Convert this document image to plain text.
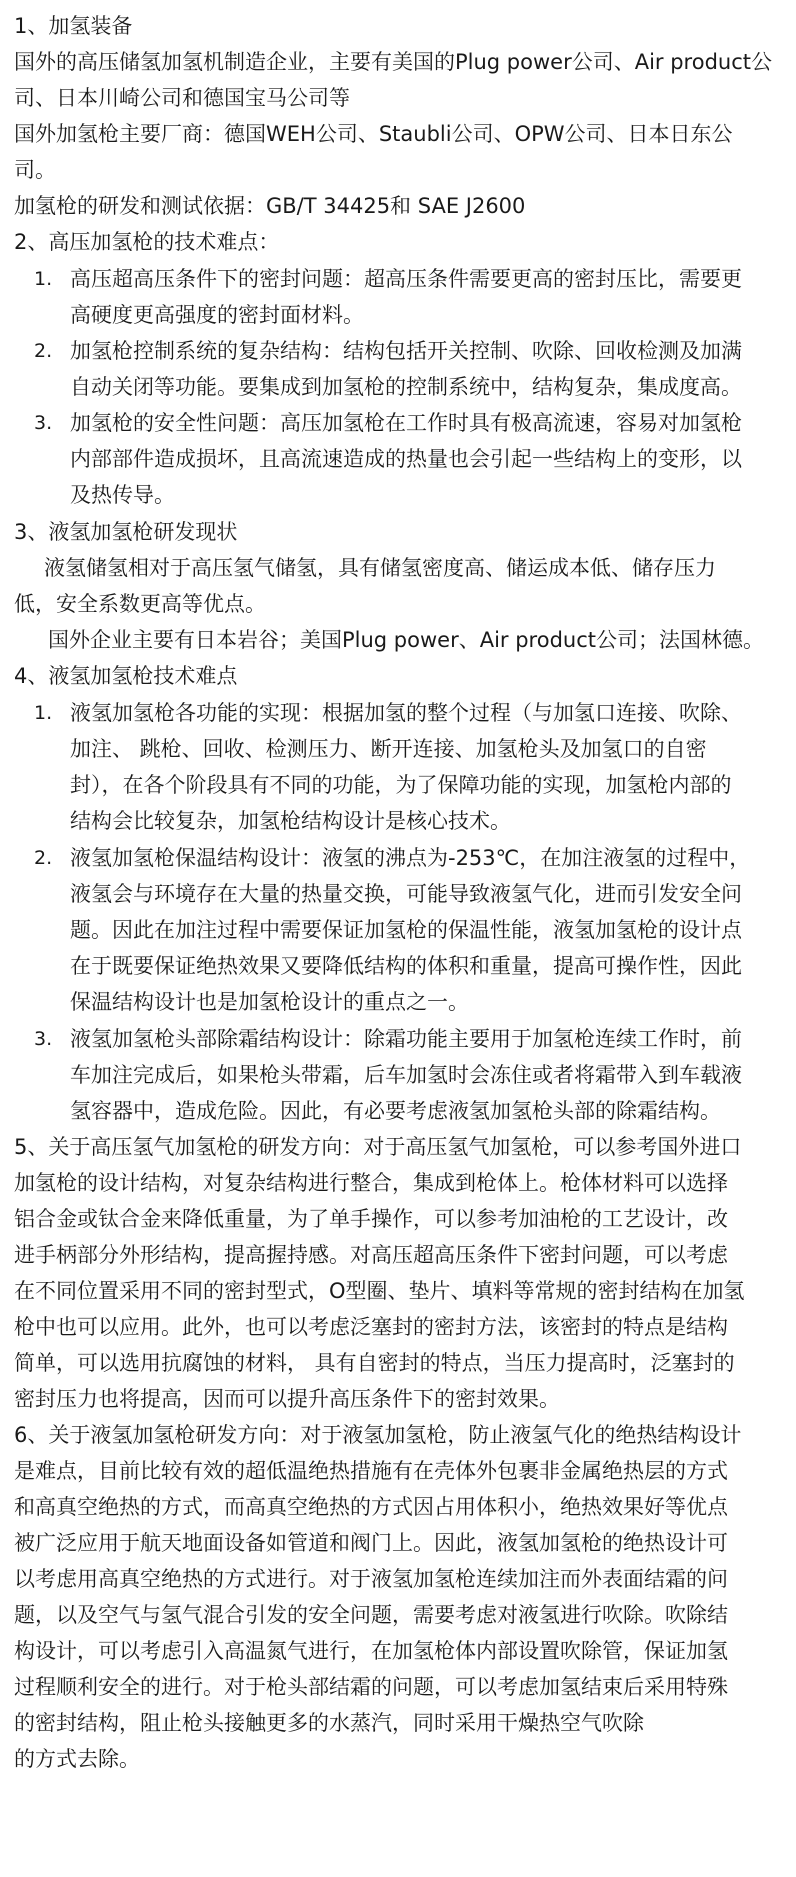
1、加氢装备
国外的高压储氢加氢机制造企业，主要有美国的Plug power公司、Air product公
司、日本川崎公司和德国宝马公司等
国外加氢枪主要厂商：德国WEH公司、Staubli公司、OPW公司、日本日东公
司。
加氢枪的研发和测试依据：GB/T 34425和 SAE J2600
2、高压加氢枪的技术难点：
1. 高压超高压条件下的密封问题：超高压条件需要更高的密封压比，需要更
高硬度更高强度的密封面材料。
2. 加氢枪控制系统的复杂结构：结构包括开关控制、吹除、回收检测及加满
自动关闭等功能。要集成到加氢枪的控制系统中，结构复杂，集成度高。
3. 加氢枪的安全性问题：高压加氢枪在工作时具有极高流速，容易对加氢枪
内部部件造成损坏，且高流速造成的热量也会引起一些结构上的变形，以
及热传导。
3、液氢加氢枪研发现状
液氢储氢相对于高压氢气储氢，具有储氢密度高、储运成本低、储存压力
低，安全系数更高等优点。
国外企业主要有日本岩谷；美国Plug power、Air product公司；法国林德。
4、液氢加氢枪技术难点
1. 液氢加氢枪各功能的实现：根据加氢的整个过程（与加氢口连接、吹除、
加注、 跳枪、回收、检测压力、断开连接、加氢枪头及加氢口的自密
封），在各个阶段具有不同的功能，为了保障功能的实现，加氢枪内部的
结构会比较复杂，加氢枪结构设计是核心技术。
2. 液氢加氢枪保温结构设计：液氢的沸点为-253℃，在加注液氢的过程中，
液氢会与环境存在大量的热量交换，可能导致液氢气化，进而引发安全问
题。因此在加注过程中需要保证加氢枪的保温性能，液氢加氢枪的设计点
在于既要保证绝热效果又要降低结构的体积和重量，提高可操作性，因此
保温结构设计也是加氢枪设计的重点之一。
3. 液氢加氢枪头部除霜结构设计：除霜功能主要用于加氢枪连续工作时，前
车加注完成后，如果枪头带霜，后车加氢时会冻住或者将霜带入到车载液
氢容器中，造成危险。因此，有必要考虑液氢加氢枪头部的除霜结构。
5、关于高压氢气加氢枪的研发方向：对于高压氢气加氢枪，可以参考国外进口
加氢枪的设计结构，对复杂结构进行整合，集成到枪体上。枪体材料可以选择
铝合金或钛合金来降低重量，为了单手操作，可以参考加油枪的工艺设计，改
进手柄部分外形结构，提高握持感。对高压超高压条件下密封问题，可以考虑
在不同位置采用不同的密封型式，O型圈、垫片、填料等常规的密封结构在加氢
枪中也可以应用。此外，也可以考虑泛塞封的密封方法，该密封的特点是结构
简单，可以选用抗腐蚀的材料， 具有自密封的特点，当压力提高时，泛塞封的
密封压力也将提高，因而可以提升高压条件下的密封效果。
6、关于液氢加氢枪研发方向：对于液氢加氢枪，防止液氢气化的绝热结构设计
是难点，目前比较有效的超低温绝热措施有在壳体外包裹非金属绝热层的方式
和高真空绝热的方式，而高真空绝热的方式因占用体积小，绝热效果好等优点
被广泛应用于航天地面设备如管道和阀门上。因此，液氢加氢枪的绝热设计可
以考虑用高真空绝热的方式进行。对于液氢加氢枪连续加注而外表面结霜的问
题，以及空气与氢气混合引发的安全问题，需要考虑对液氢进行吹除。吹除结
构设计，可以考虑引入高温氮气进行，在加氢枪体内部设置吹除管，保证加氢
过程顺利安全的进行。对于枪头部结霜的问题，可以考虑加氢结束后采用特殊
的密封结构，阻止枪头接触更多的水蒸汽，同时采用干燥热空气吹除
的方式去除。
